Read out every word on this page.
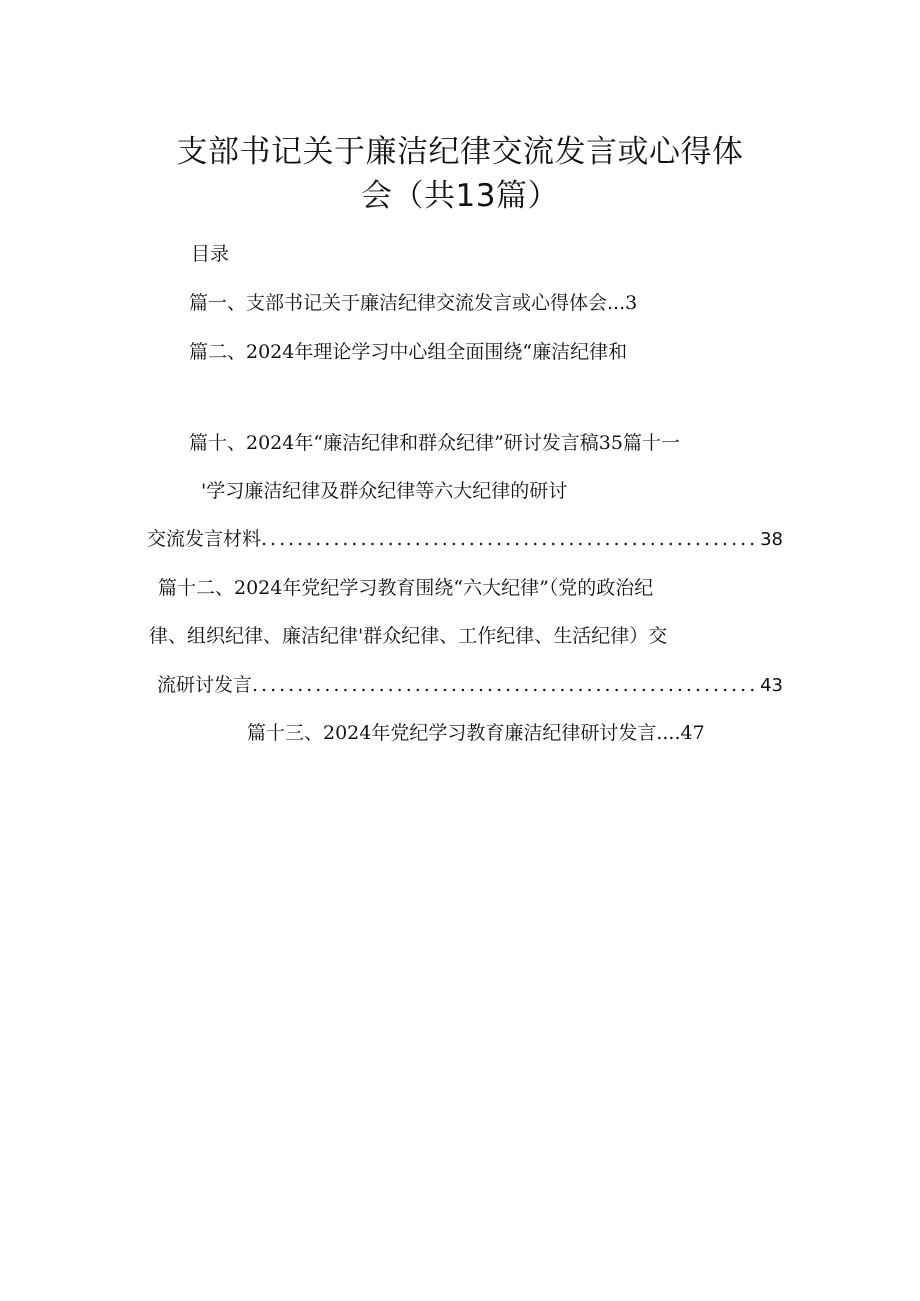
支部书记关于廉洁纪律交流发言或心得体
会（共13篇）
目录
篇一、支部书记关于廉洁纪律交流发言或心得体会...3
篇二、2024年理论学习中心组全面围绕“廉洁纪律和
篇十、2024年“廉洁纪律和群众纪律”研讨发言稿35篇十一
'学习廉洁纪律及群众纪律等六大纪律的研讨
交流发言材料 .....	38
篇十二、2024年党纪学习教育围绕“六大纪律”（党的政治纪
律、组织纪律、廉洁纪律'群众纪律、工作纪律、生活纪律）交
流研讨发言 .....	43
篇十三、2024年党纪学习教育廉洁纪律研讨发言....47
